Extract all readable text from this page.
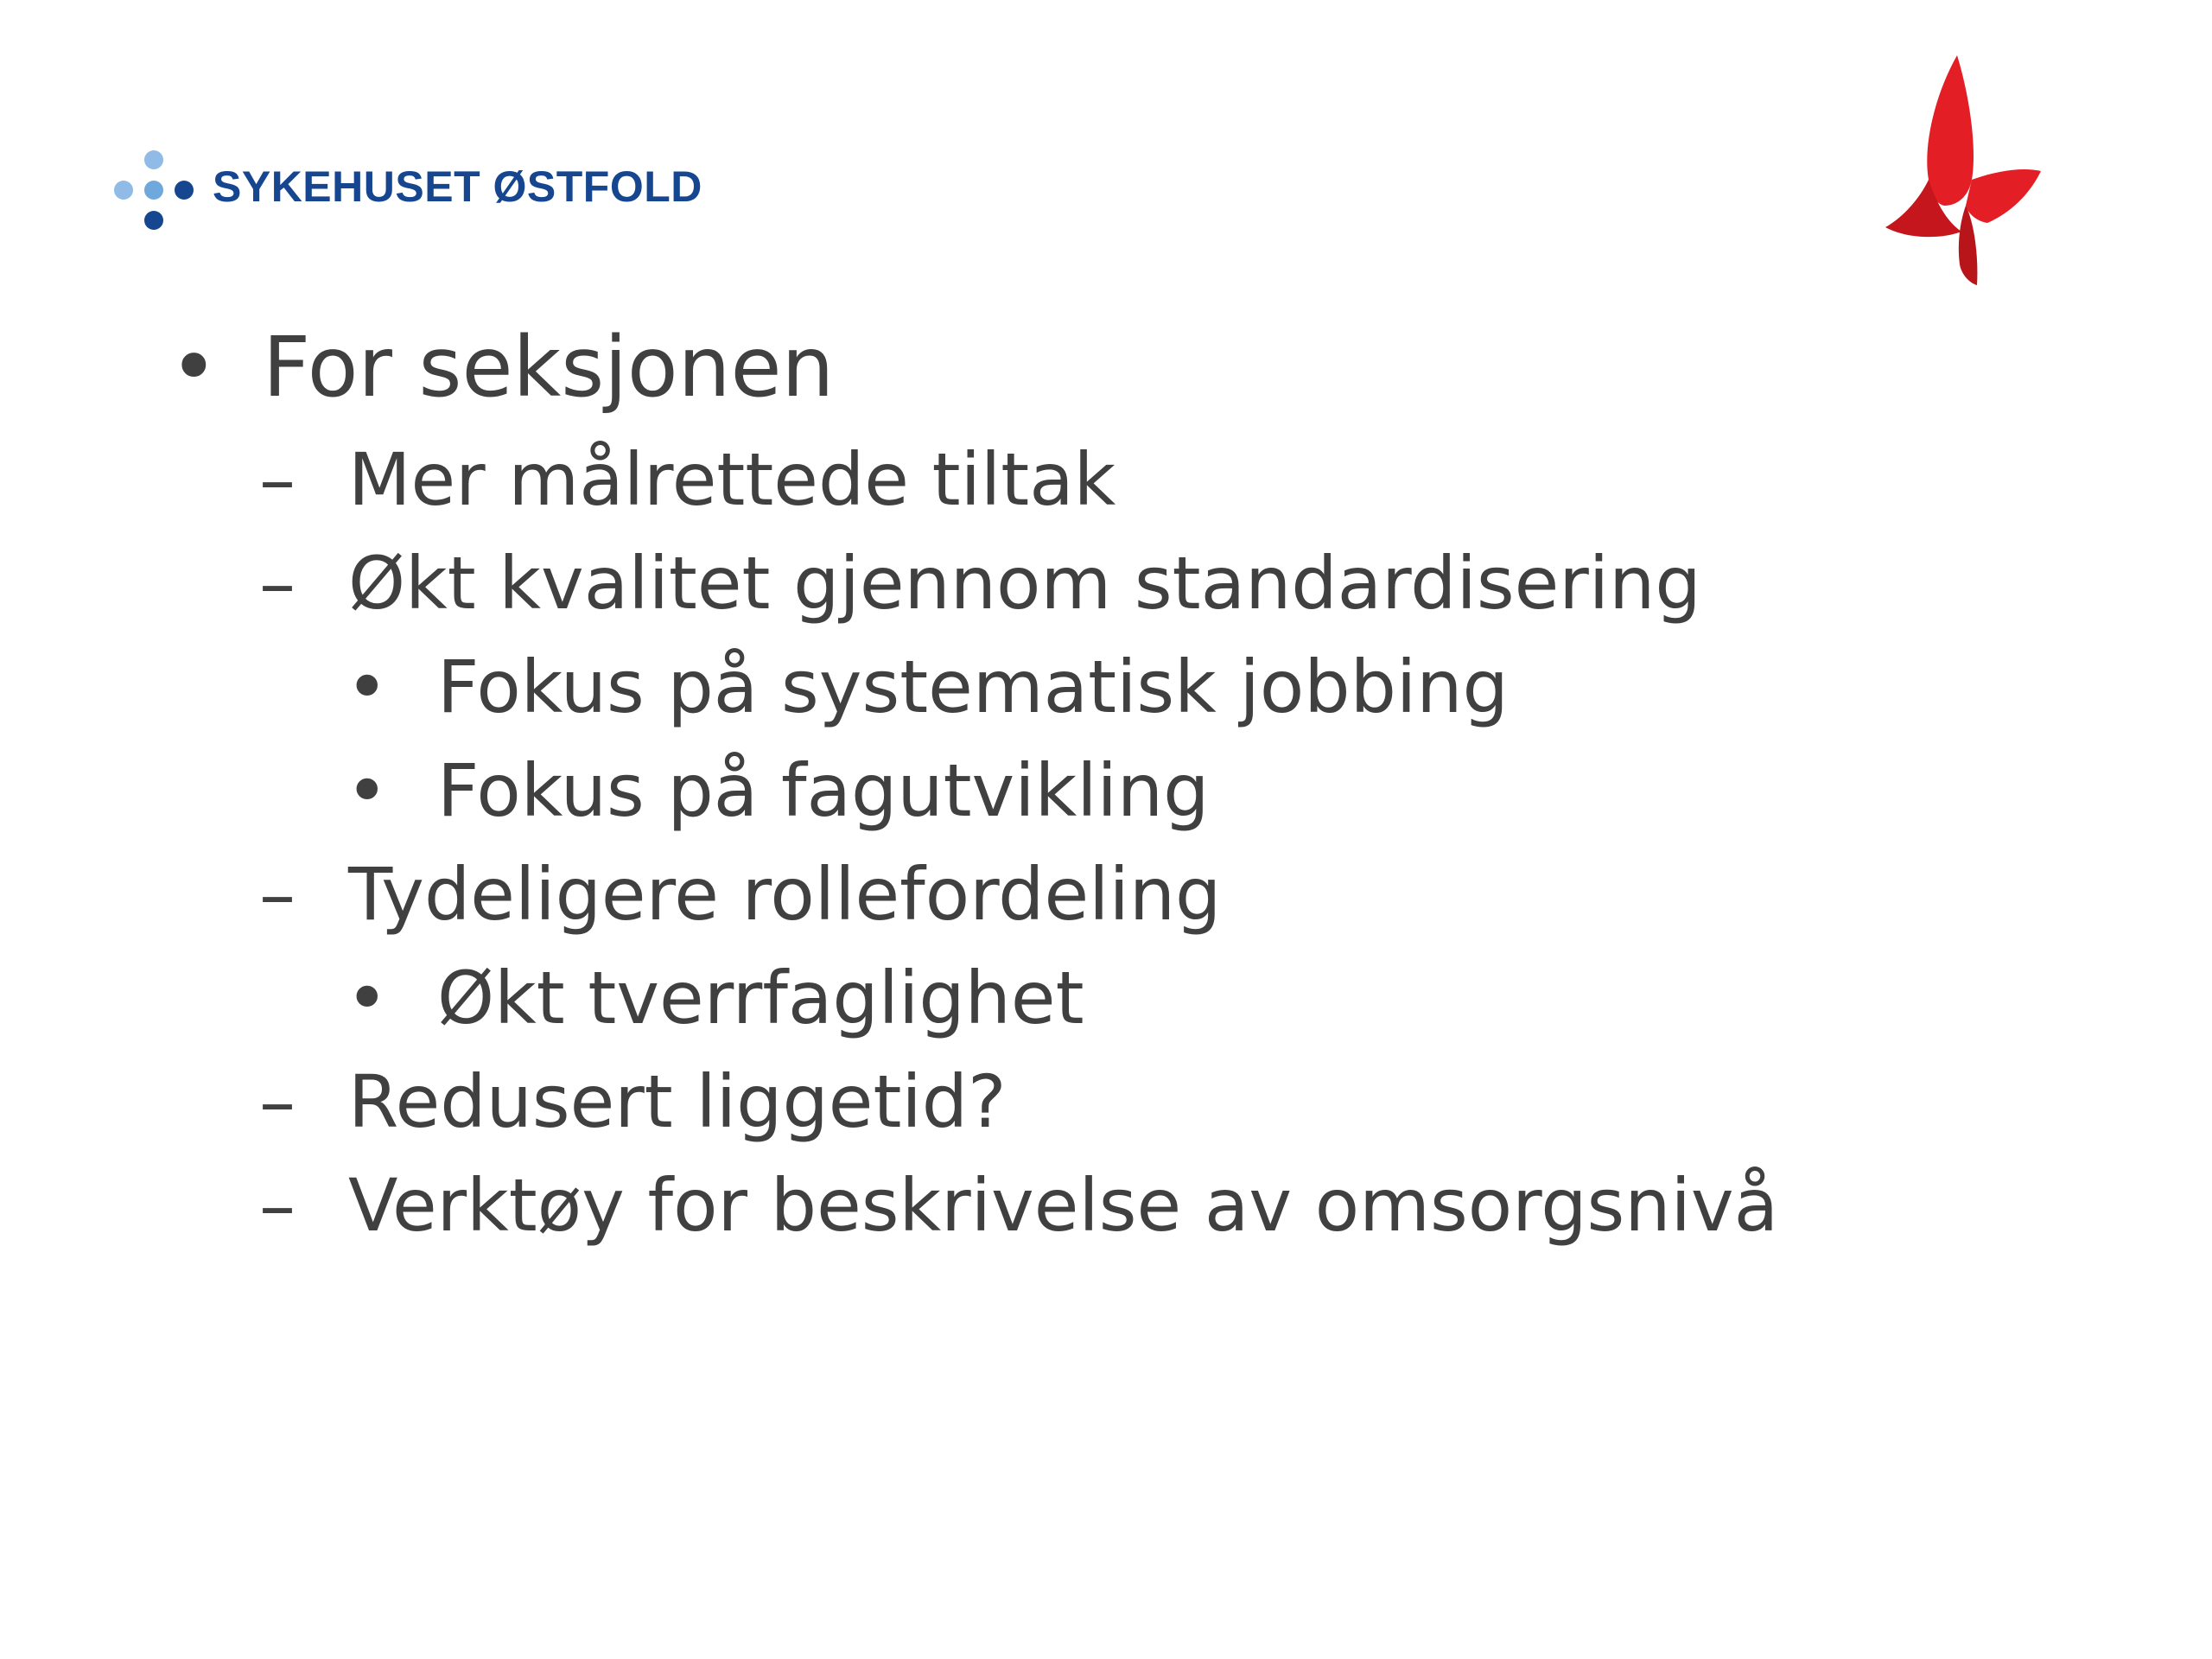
SYKEHUSET ØSTFOLD
• For seksjonen
– Mer målrettede tiltak
– Økt kvalitet gjennom standardisering
• Fokus på systematisk jobbing
• Fokus på fagutvikling
– Tydeligere rollefordeling
• Økt tverrfaglighet
– Redusert liggetid?
– Verktøy for beskrivelse av omsorgsnivå
